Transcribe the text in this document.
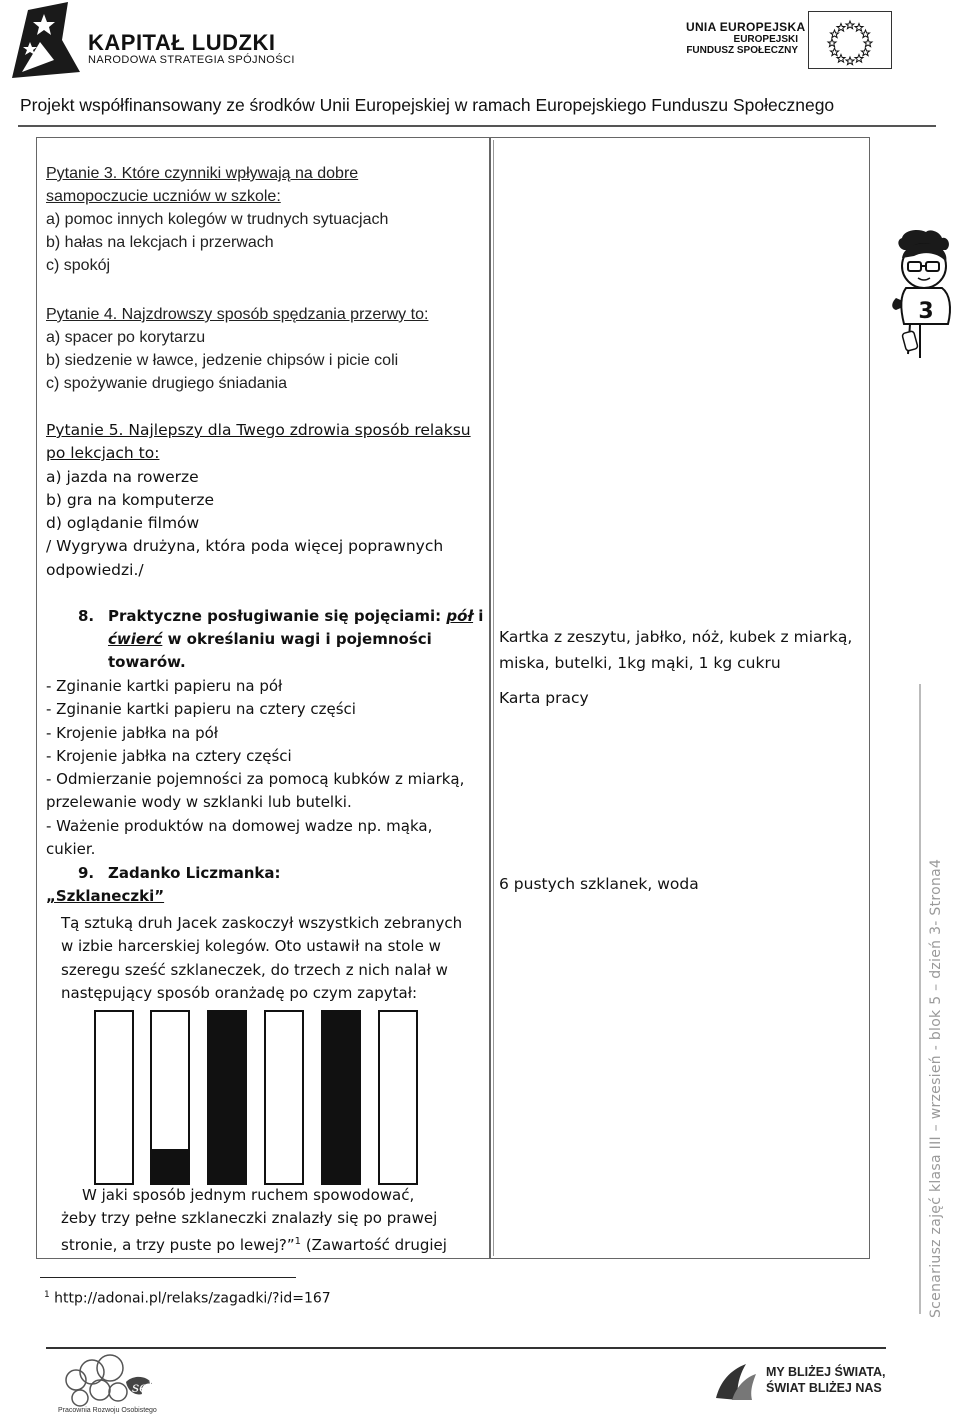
KAPITAŁ LUDZKI
NARODOWA STRATEGIA SPÓJNOŚCI
UNIA EUROPEJSKA
EUROPEJSKI
FUNDUSZ SPOŁECZNY
Projekt współfinansowany ze środków Unii Europejskiej w ramach Europejskiego Funduszu Społecznego
Pytanie 3. Które czynniki wpływają na dobre
samopoczucie uczniów w szkole:
a) pomoc innych kolegów w trudnych sytuacjach
b) hałas na lekcjach i przerwach
c) spokój
Pytanie 4. Najzdrowszy sposób spędzania przerwy to:
a) spacer po korytarzu
b) siedzenie w ławce, jedzenie chipsów i picie coli
c) spożywanie drugiego śniadania
Pytanie 5. Najlepszy dla Twego zdrowia sposób relaksu
po lekcjach to:
a) jazda na rowerze
b) gra na komputerze
d) oglądanie filmów
/ Wygrywa drużyna, która poda więcej poprawnych
odpowiedzi./
8. Praktyczne posługiwanie się pojęciami: pół i
ćwierć w określaniu wagi i pojemności
towarów.
- Zginanie kartki papieru na pół
- Zginanie kartki papieru na cztery części
- Krojenie jabłka na pół
- Krojenie jabłka na cztery części
- Odmierzanie pojemności za pomocą kubków z miarką,
przelewanie wody w szklanki lub butelki.
- Ważenie produktów na domowej wadze np. mąka,
cukier.
9. Zadanko Liczmanka:
„Szklaneczki”
Tą sztuką druh Jacek zaskoczył wszystkich zebranych
w izbie harcerskiej kolegów. Oto ustawił na stole w
szeregu sześć szklaneczek, do trzech z nich nalał w
następujący sposób oranżadę po czym zapytał:
W jaki sposób jednym ruchem spowodować,
żeby trzy pełne szklaneczki znalazły się po prawej
stronie, a trzy puste po lewej?”$^1$ (Zawartość drugiej
Kartka z zeszytu, jabłko, nóż, kubek z miarką,
miska, butelki, 1kg mąki, 1 kg cukru
Karta pracy
6 pustych szklanek, woda
3
Scenariusz zajęć klasa III – wrzesień - blok 5 – dzień 3- Strona4
$^1$ http://adonai.pl/relaks/zagadki/?id=167
self
Pracownia Rozwoju Osobistego
MY BLIŻEJ ŚWIATA,
ŚWIAT BLIŻEJ NAS
